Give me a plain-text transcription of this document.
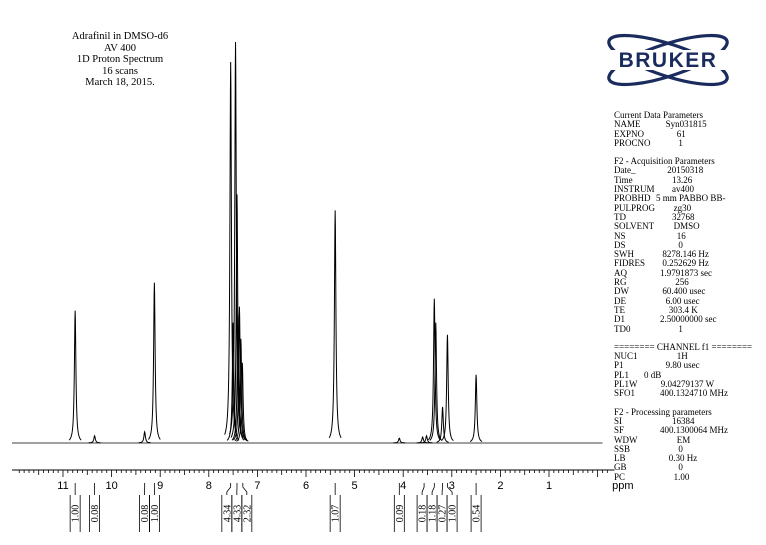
11	10	9	8	7	6	5	4	3	2	1	ppm
1.00 0.08	0.08 1.00	4.34 4.33 2.32	1.07	0.09 0.18 1.18 0.27 1.00 0.54
Adrafinil in DMSO-d6
AV 400
1D Proton Spectrum
16 scans
March 18, 2015.
BRUKER
Current Data Parameters
NAME	Syn031815
EXPNO	61
PROCNO	1
F2 - Acquisition Parameters
Date_	20150318
Time	13.26
INSTRUM av400
PROBHD 5 mm PABBO BB-
PULPROG zg30
TD	32768
SOLVENT DMSO
NS	16
DS	0
SWH	8278.146 Hz
FIDRES 0.252629 Hz
AQ	1.9791873 sec
RG	256
DW	60.400 usec
DE	6.00 usec
TE	303.4 K
D1	2.50000000 sec
TD0	1
======== CHANNEL f1 ========
NUC1	1H
P1	9.80 usec
PL1 0 dB
PL1W	9.04279137 W
SFO1	400.1324710 MHz
F2 - Processing parameters
SI	16384
SF	400.1300064 MHz
WDW	EM
SSB	0
LB	0.30 Hz
GB	0
PC	1.00
